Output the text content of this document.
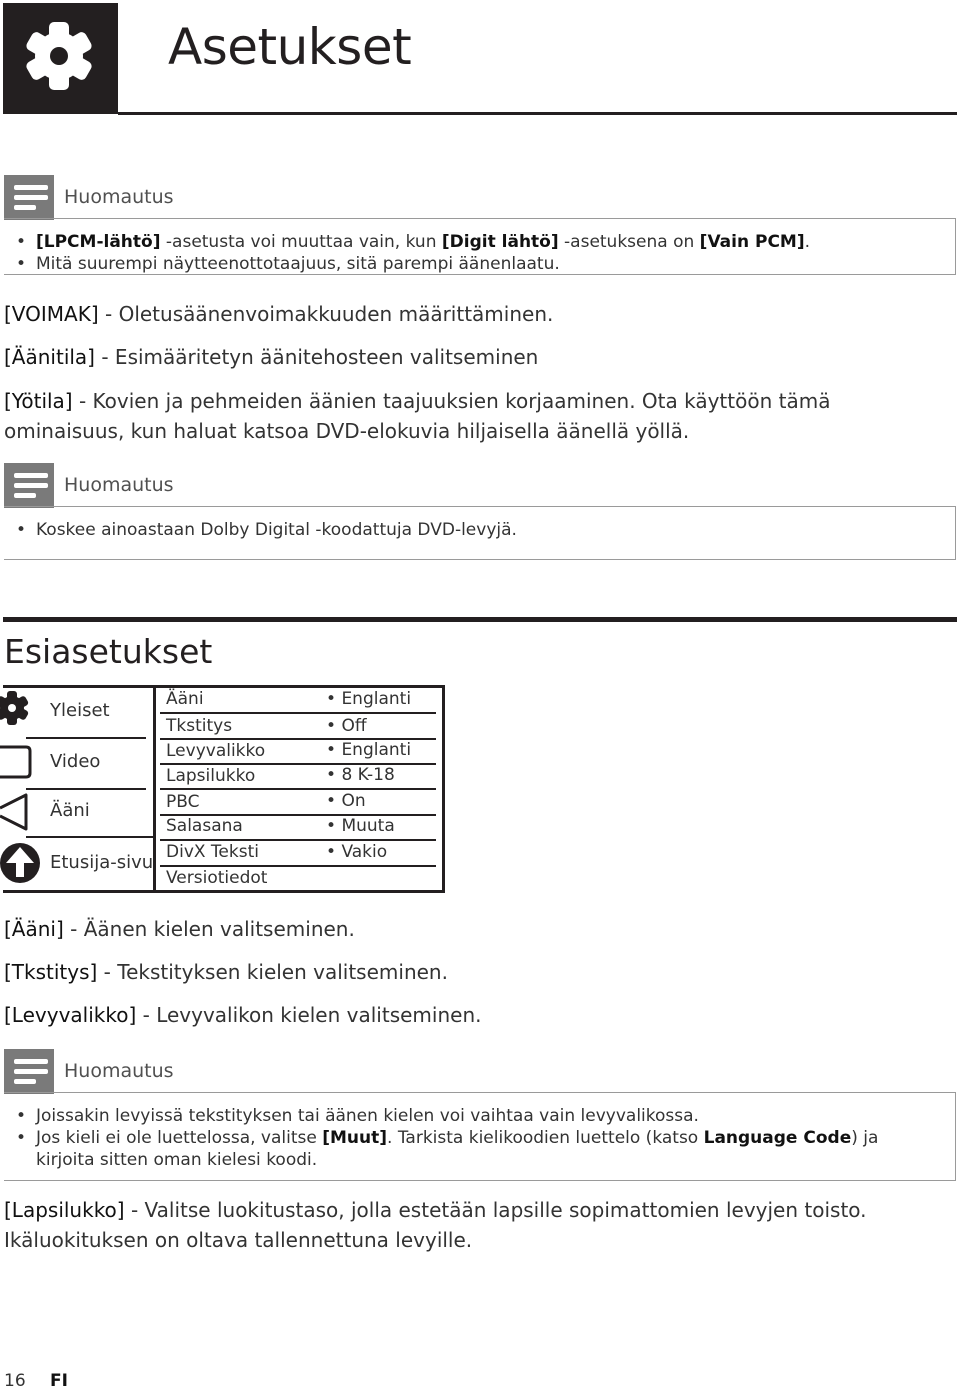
Asetukset
Huomautus
• [LPCM-lähtö] -asetusta voi muuttaa vain, kun [Digit lähtö] -asetuksena on [Vain PCM].
• Mitä suurempi näytteenottotaajuus, sitä parempi äänenlaatu.
[VOIMAK] - Oletusäänenvoimakkuuden määrittäminen.
[Äänitila] - Esimääritetyn äänitehosteen valitseminen
[Yötila] - Kovien ja pehmeiden äänien taajuuksien korjaaminen. Ota käyttöön tämä ominaisuus, kun haluat katsoa DVD-elokuvia hiljaisella äänellä yöllä.
Huomautus
• Koskee ainoastaan Dolby Digital -koodattuja DVD-levyjä.
Esiasetukset
Yleiset
Video
Ääni
Etusija-sivu
Ääni
Tkstitys
Levyvalikko
Lapsilukko
PBC
Salasana
DivX Teksti
Versiotiedot
• Englanti
• Off
• Englanti
• 8 K-18
• On
• Muuta
• Vakio
[Ääni] - Äänen kielen valitseminen.
[Tkstitys] - Tekstityksen kielen valitseminen.
[Levyvalikko] - Levyvalikon kielen valitseminen.
Huomautus
• Joissakin levyissä tekstityksen tai äänen kielen voi vaihtaa vain levyvalikossa.
• Jos kieli ei ole luettelossa, valitse [Muut]. Tarkista kielikoodien luettelo (katso Language Code) ja kirjoita sitten oman kielesi koodi.
[Lapsilukko] - Valitse luokitustaso, jolla estetään lapsille sopimattomien levyjen toisto. Ikäluokituksen on oltava tallennettuna levyille.
16 FI
